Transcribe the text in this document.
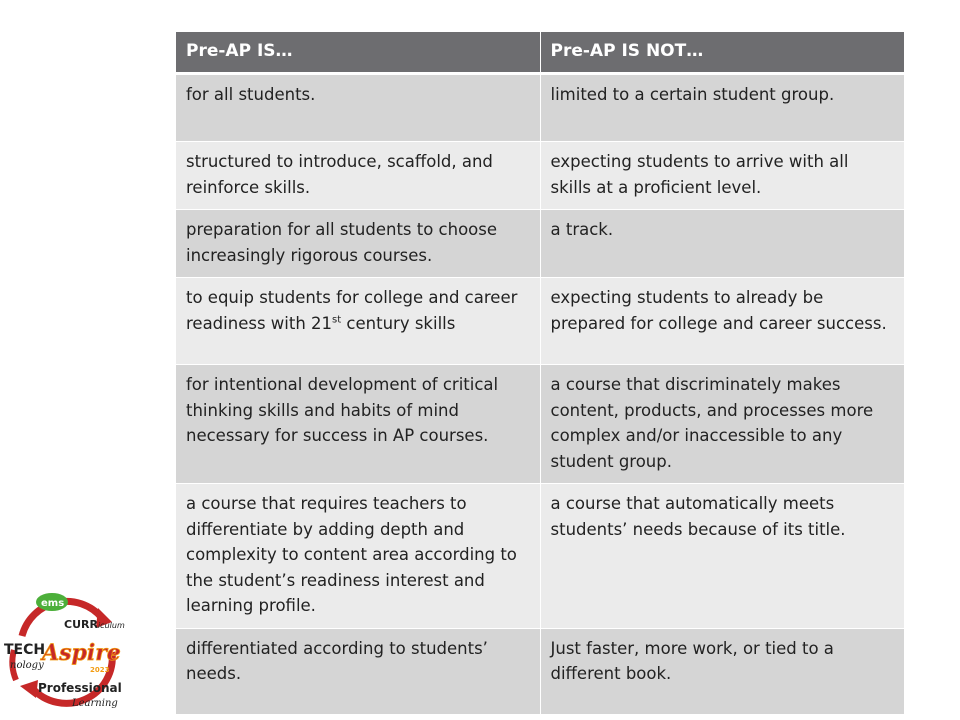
Pre-AP IS…	Pre-AP IS NOT…
for all students.	limited to a certain student group.
structured to introduce, scaffold, and reinforce skills.	expecting students to arrive with all skills at a proficient level.
preparation for all students to choose increasingly rigorous courses.	a track.
to equip students for college and career readiness with 21st century skills	expecting students to already be prepared for college and career success.
for intentional development of critical thinking skills and habits of mind necessary for success in AP courses.	a course that discriminately makes content, products, and processes more complex and/or inaccessible to any student group.
a course that requires teachers to differentiate by adding depth and complexity to content area according to the student’s readiness interest and learning profile.	a course that automatically meets students’ needs because of its title.
differentiated according to students’ needs.	Just faster, more work, or tied to a different book.
ems
CURRiculum
TECH
nology
Aspire
2023
Professional
Learning
